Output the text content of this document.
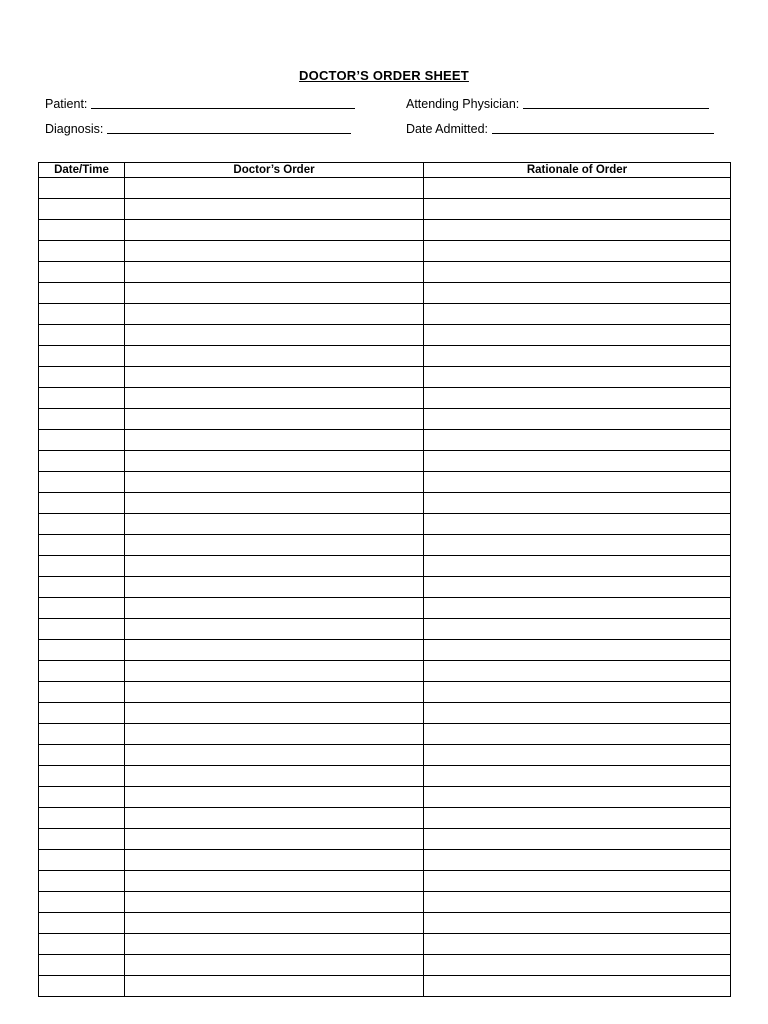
DOCTOR’S ORDER SHEET
Patient:
Diagnosis:
Attending Physician:
Date Admitted:
Date/Time	Doctor’s Order	Rationale of Order
